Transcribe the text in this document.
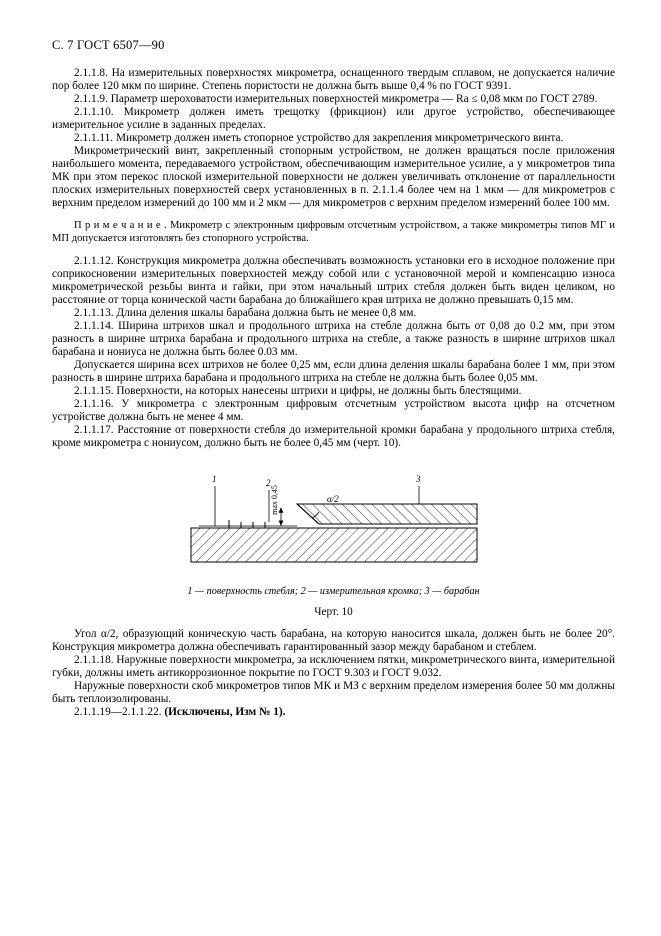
С. 7 ГОСТ 6507—90

2.1.1.8. На измерительных поверхностях микрометра, оснащенного твердым сплавом, не допускается наличие пор более 120 мкм по ширине. Степень пористости не должна быть выше 0,4 % по ГОСТ 9391.

2.1.1.9. Параметр шероховатости измерительных поверхностей микрометра — Ra ≤ 0,08 мкм по ГОСТ 2789.

2.1.1.10. Микрометр должен иметь трещотку (фрикцион) или другое устройство, обеспечивающее измерительное усилие в заданных пределах.

2.1.1.11. Микрометр должен иметь стопорное устройство для закрепления микрометрического винта.

Микрометрический винт, закрепленный стопорным устройством, не должен вращаться после приложения наибольшего момента, передаваемого устройством, обеспечивающим измерительное усилие, а у микрометров типа МК при этом перекос плоской измерительной поверхности не должен увеличивать отклонение от параллельности плоских измерительных поверхностей сверх установленных в п. 2.1.1.4 более чем на 1 мкм — для микрометров с верхним пределом измерений до 100 мм и 2 мкм — для микрометров с верхним пределом измерений более 100 мм.

П р и м е ч а н и е . Микрометр с электронным цифровым отсчетным устройством, а также микрометры типов МГ и МП допускается изготовлять без стопорного устройства.

2.1.1.12. Конструкция микрометра должна обеспечивать возможность установки его в исходное положение при соприкосновении измерительных поверхностей между собой или с установочной мерой и компенсацию износа микрометрической резьбы винта и гайки, при этом начальный штрих стебля должен быть виден целиком, но расстояние от торца конической части барабана до ближайшего края штриха не должно превышать 0,15 мм.

2.1.1.13. Длина деления шкалы барабана должна быть не менее 0,8 мм.

2.1.1.14. Ширина штрихов шкал и продольного штриха на стебле должна быть от 0,08 до 0.2 мм, при этом разность в ширине штриха барабана и продольного штриха на стебле, а также разность в ширине штрихов шкал барабана и нониуса не должна быть более 0.03 мм.

Допускается ширина всех штрихов не более 0,25 мм, если длина деления шкалы барабана более 1 мм, при этом разность в ширине штриха барабана и продольного штриха на стебле не должна быть более 0,05 мм.

2.1.1.15. Поверхности, на которых нанесены штрихи и цифры, не должны быть блестящими.

2.1.1.16. У микрометра с электронным цифровым отсчетным устройством высота цифр на отсчетном устройстве должна быть не менее 4 мм.

2.1.1.17. Расстояние от поверхности стебля до измерительной кромки барабана у продольного штриха стебля, кроме микрометра с нониусом, должно быть не более 0,45 мм (черт. 10).

1	2	3
max 0,45	α/2
1 — поверхность стебля; 2 — измерительная кромка; 3 — барабан
Черт. 10

Угол α/2, образующий коническую часть барабана, на которую наносится шкала, должен быть не более 20°. Конструкция микрометра должна обеспечивать гарантированный зазор между барабаном и стеблем.

2.1.1.18. Наружные поверхности микрометра, за исключением пятки, микрометрического винта, измерительной губки, должны иметь антикоррозионное покрытие по ГОСТ 9.303 и ГОСТ 9.032.

Наружные поверхности скоб микрометров типов МК и МЗ с верхним пределом измерения более 50 мм должны быть теплоизолированы.

2.1.1.19—2.1.1.22. (Исключены, Изм № 1).
